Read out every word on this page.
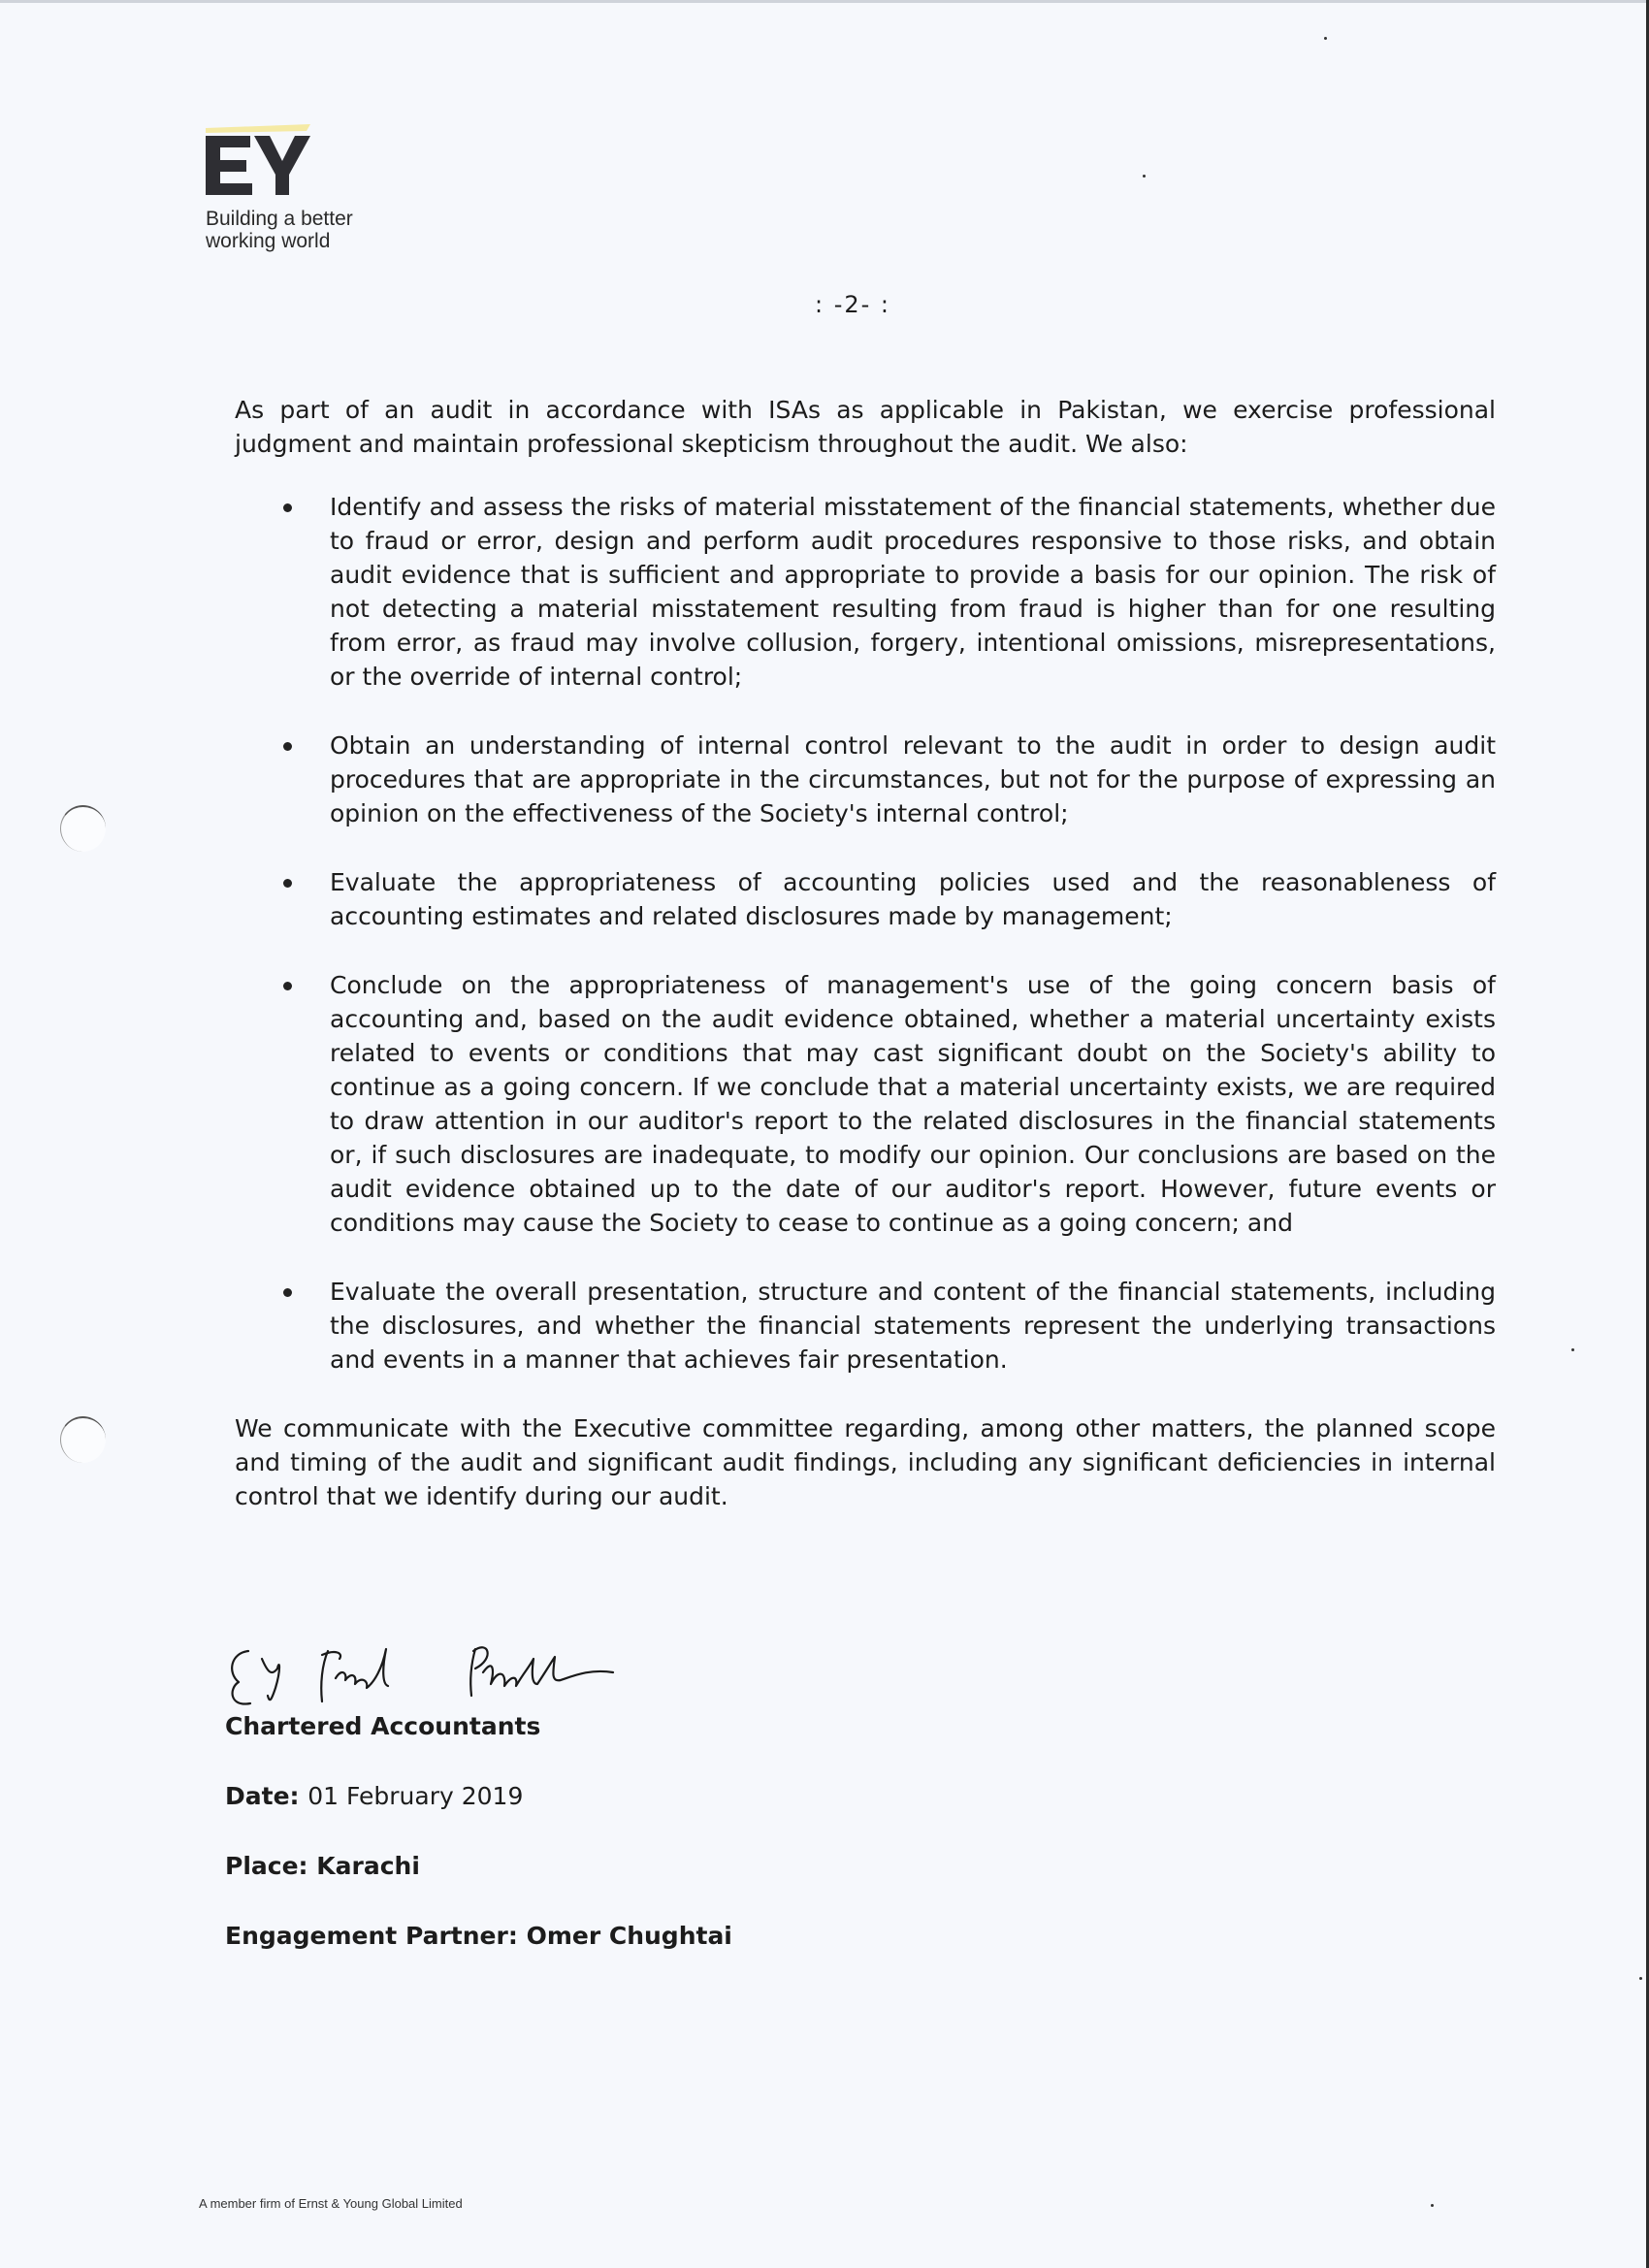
EY
Building a better
working world
: -2- :

As part of an audit in accordance with ISAs as applicable in Pakistan, we exercise professional judgment and maintain professional skepticism throughout the audit. We also:

Identify and assess the risks of material misstatement of the financial statements, whether due to fraud or error, design and perform audit procedures responsive to those risks, and obtain audit evidence that is sufficient and appropriate to provide a basis for our opinion. The risk of not detecting a material misstatement resulting from fraud is higher than for one resulting from error, as fraud may involve collusion, forgery, intentional omissions, misrepresentations, or the override of internal control;
Obtain an understanding of internal control relevant to the audit in order to design audit procedures that are appropriate in the circumstances, but not for the purpose of expressing an opinion on the effectiveness of the Society's internal control;
Evaluate the appropriateness of accounting policies used and the reasonableness of accounting estimates and related disclosures made by management;
Conclude on the appropriateness of management's use of the going concern basis of accounting and, based on the audit evidence obtained, whether a material uncertainty exists related to events or conditions that may cast significant doubt on the Society's ability to continue as a going concern. If we conclude that a material uncertainty exists, we are required to draw attention in our auditor's report to the related disclosures in the financial statements or, if such disclosures are inadequate, to modify our opinion. Our conclusions are based on the audit evidence obtained up to the date of our auditor's report. However, future events or conditions may cause the Society to cease to continue as a going concern; and
Evaluate the overall presentation, structure and content of the financial statements, including the disclosures, and whether the financial statements represent the underlying transactions and events in a manner that achieves fair presentation.

We communicate with the Executive committee regarding, among other matters, the planned scope and timing of the audit and significant audit findings, including any significant deficiencies in internal control that we identify during our audit.

EY Ford Rhodes

Chartered Accountants

Date: 01 February 2019

Place: Karachi

Engagement Partner: Omer Chughtai

A member firm of Ernst & Young Global Limited
